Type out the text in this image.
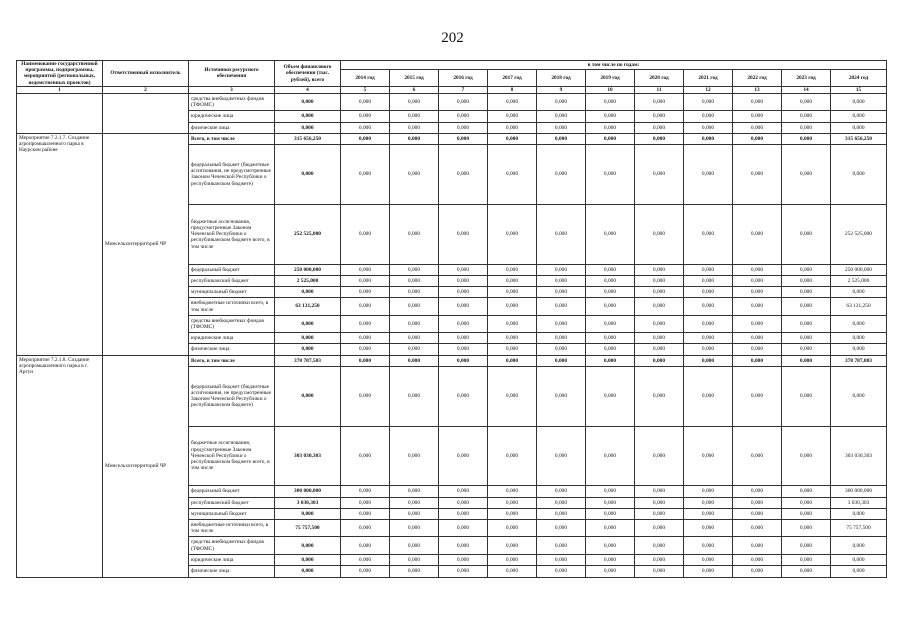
202
Наименование государственной программы, подпрограммы, мероприятий (региональных, ведомственных проектов)	Ответственный исполнитель	Источники ресурсного обеспечения	Объем финансового обеспечения (тыс. рублей), всего	в том числе по годам:										
				2014 год	2015 год	2016 год	2017 год	2018 год	2019 год	2020 год	2021 год	2022 год	2023 год	2024 год
1	2	3	4	5	6	7	8	9	10	11	12	13	14	15
		средства внебюджетных фондов (ТФОМС)	0,000	0,000	0,000	0,000	0,000	0,000	0,000	0,000	0,000	0,000	0,000	0,000
		юридические лица	0,000	0,000	0,000	0,000	0,000	0,000	0,000	0,000	0,000	0,000	0,000	0,000
		физические лица	0,000	0,000	0,000	0,000	0,000	0,000	0,000	0,000	0,000	0,000	0,000	0,000
Мероприятие 7.2.1.7. Создание агропромышленного парка в Наурском районе	Минсельхозтерриторий ЧР	Всего, в том числе	315 656,250	0,000	0,000	0,000	0,000	0,000	0,000	0,000	0,000	0,000	0,000	315 656,250
		федеральный бюджет (бюджетные ассигнования, не предусмотренные Законом Чеченской Республики о республиканском бюджете)	0,000	0,000	0,000	0,000	0,000	0,000	0,000	0,000	0,000	0,000	0,000	0,000
		бюджетные ассигнования, предусмотренные Законом Чеченской Республики о республиканском бюджете всего, в том числе	252 525,000	0,000	0,000	0,000	0,000	0,000	0,000	0,000	0,000	0,000	0,000	252 525,000
		федеральный бюджет	250 000,000	0,000	0,000	0,000	0,000	0,000	0,000	0,000	0,000	0,000	0,000	250 000,000
		республиканский бюджет	2 525,000	0,000	0,000	0,000	0,000	0,000	0,000	0,000	0,000	0,000	0,000	2 525,000
		муниципальный бюджет	0,000	0,000	0,000	0,000	0,000	0,000	0,000	0,000	0,000	0,000	0,000	0,000
		внебюджетные источники всего, в том числе	63 131,250	0,000	0,000	0,000	0,000	0,000	0,000	0,000	0,000	0,000	0,000	63 131,250
		средства внебюджетных фондов (ТФОМС)	0,000	0,000	0,000	0,000	0,000	0,000	0,000	0,000	0,000	0,000	0,000	0,000
		юридические лица	0,000	0,000	0,000	0,000	0,000	0,000	0,000	0,000	0,000	0,000	0,000	0,000
		физические лица	0,000	0,000	0,000	0,000	0,000	0,000	0,000	0,000	0,000	0,000	0,000	0,000
Мероприятие 7.2.1.8. Создание агропромышленного парка в г. Аргун	Минсельхозтерриторий ЧР	Всего, в том числе	378 787,503	0,000	0,000	0,000	0,000	0,000	0,000	0,000	0,000	0,000	0,000	378 787,803
		федеральный бюджет (бюджетные ассигнования, не предусмотренные Законом Чеченской Республики о республиканском бюджете)	0,000	0,000	0,000	0,000	0,000	0,000	0,000	0,000	0,000	0,000	0,000	0,000
		бюджетные ассигнования, предусмотренные Законом Чеченской Республики о республиканском бюджете всего, в том числе	303 030,303	0,000	0,000	0,000	0,000	0,000	0,000	0,000	0,000	0,000	0,000	303 030,303
		федеральный бюджет	300 000,000	0,000	0,000	0,000	0,000	0,000	0,000	0,000	0,000	0,000	0,000	300 000,000
		республиканский бюджет	3 030,303	0,000	0,000	0,000	0,000	0,000	0,000	0,000	0,000	0,000	0,000	3 030,303
		муниципальный бюджет	0,000	0,000	0,000	0,000	0,000	0,000	0,000	0,000	0,000	0,000	0,000	0,000
		внебюджетные источники всего, в том числе	75 757,500	0,000	0,000	0,000	0,000	0,000	0,000	0,000	0,000	0,000	0,000	75 757,500
		средства внебюджетных фондов (ТФОМС)	0,000	0,000	0,000	0,000	0,000	0,000	0,000	0,000	0,000	0,000	0,000	0,000
		юридические лица	0,000	0,000	0,000	0,000	0,000	0,000	0,000	0,000	0,000	0,000	0,000	0,000
		физические лица	0,000	0,000	0,000	0,000	0,000	0,000	0,000	0,000	0,000	0,000	0,000	0,000
